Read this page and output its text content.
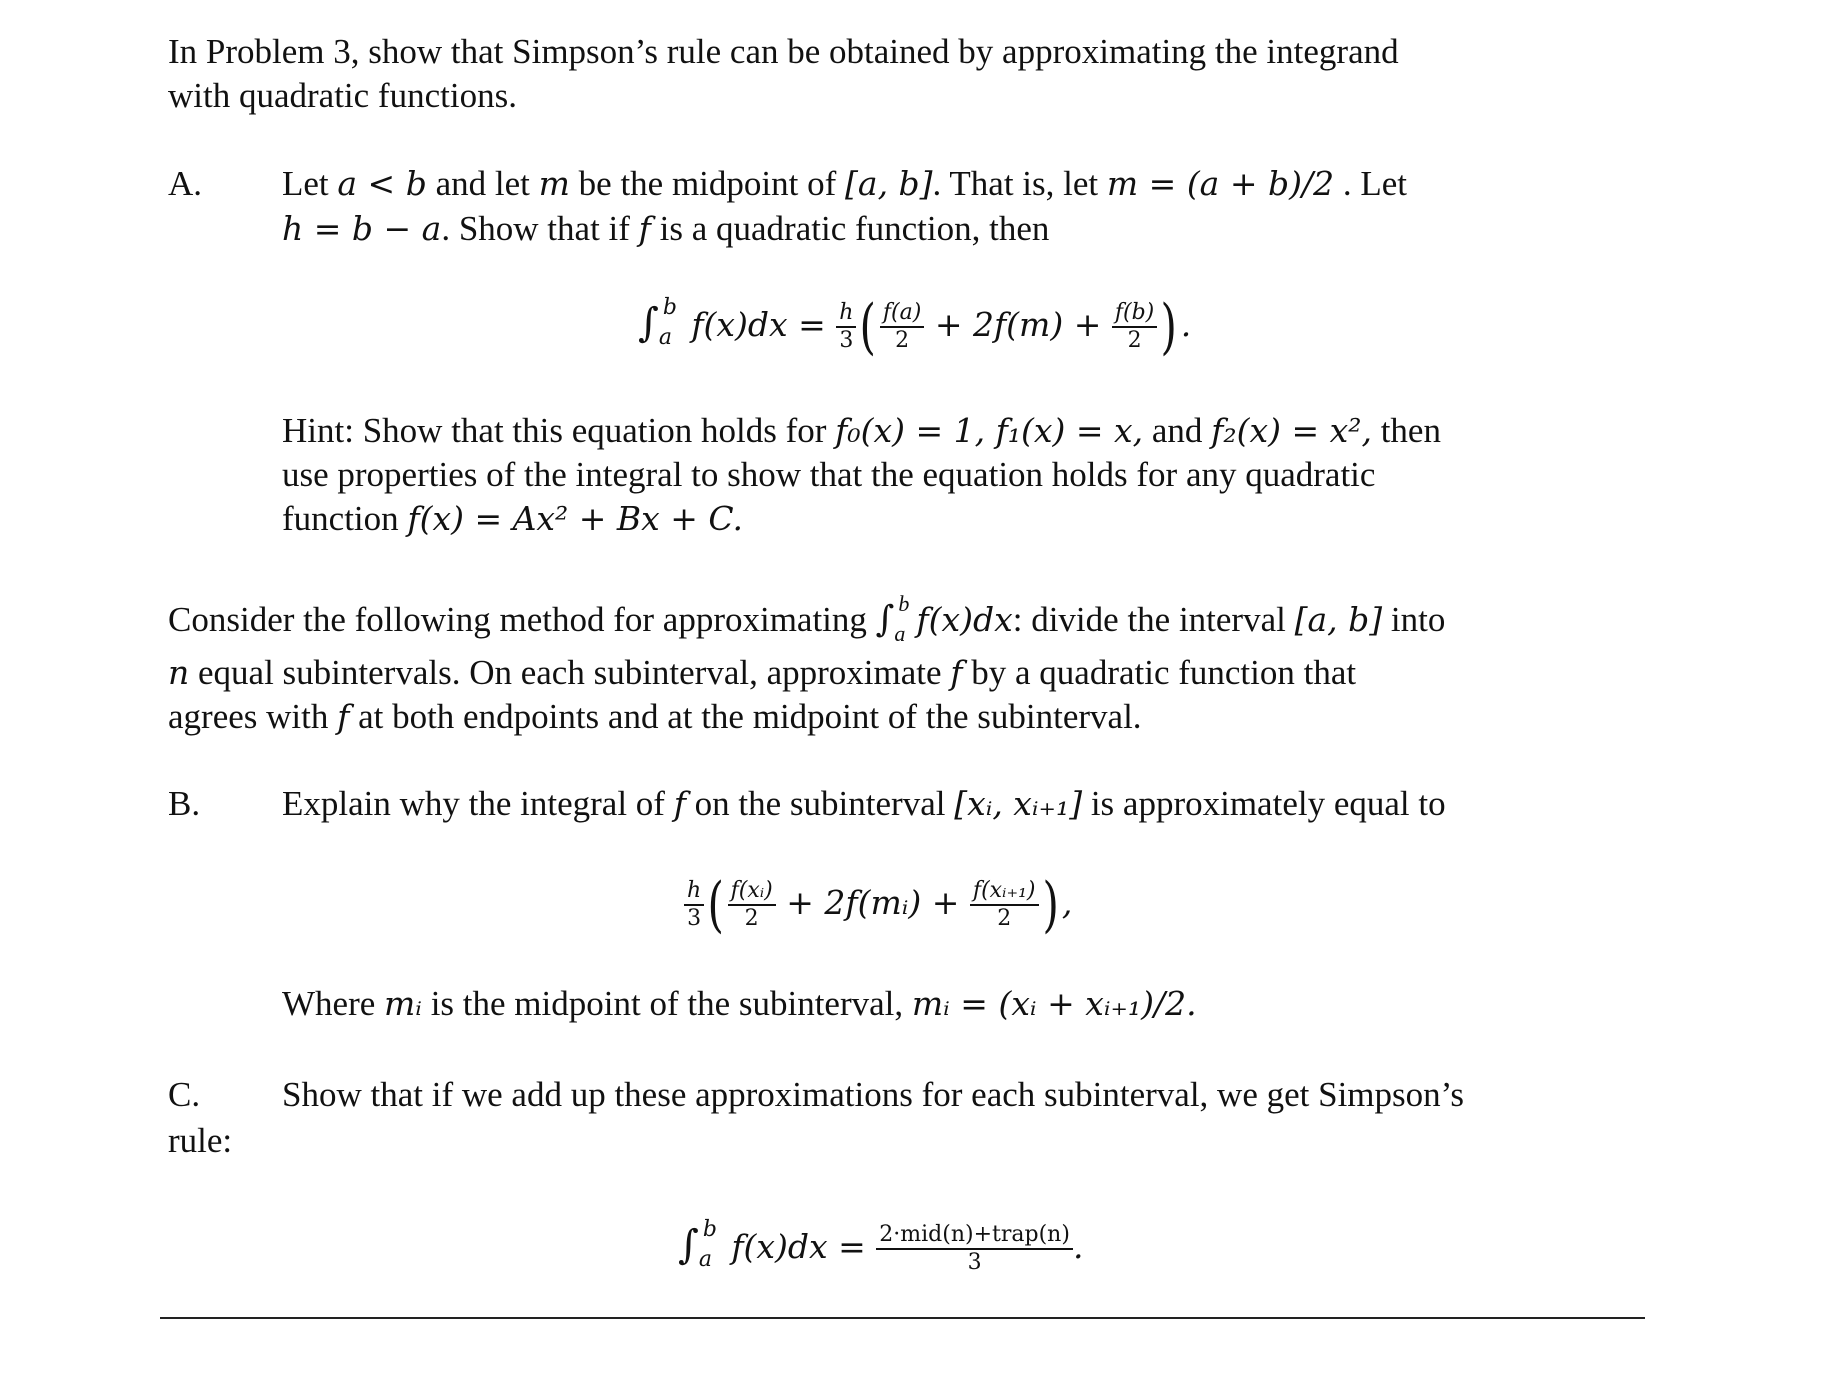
In Problem 3, show that Simpson’s rule can be obtained by approximating the integrand
with quadratic functions.
A. Let a < b and let m be the midpoint of [a, b]. That is, let m = (a + b)/2 . Let
h = b − a. Show that if f is a quadratic function, then
∫ b
a $f(x)dx = \frac{h}{3}$ ( $\frac{f(a)}{2} + 2f(m) + \frac{f(b)}{2}$ ) .
Hint: Show that this equation holds for f₀(x) = 1, f₁(x) = x, and f₂(x) = x², then
use properties of the integral to show that the equation holds for any quadratic
function f(x) = Ax² + Bx + C.
Consider the following method for approximating ∫ b
a f(x)dx: divide the interval [a, b] into
n equal subintervals. On each subinterval, approximate f by a quadratic function that
agrees with f at both endpoints and at the midpoint of the subinterval.
B. Explain why the integral of f on the subinterval [xᵢ, xᵢ₊₁] is approximately equal to
$\frac{h}{3}$ ( $\frac{\text{f(xᵢ)}}{2}$ + 2f(mᵢ) + $\frac{\text{f(xᵢ₊₁)}}{2}$ ) ,
Where mᵢ is the midpoint of the subinterval, mᵢ = (xᵢ + xᵢ₊₁)/2.
C. Show that if we add up these approximations for each subinterval, we get Simpson’s
rule:
∫ b
a $f(x)dx = \frac{\text{2·mid(n)+trap(n)}}{3}$ .
